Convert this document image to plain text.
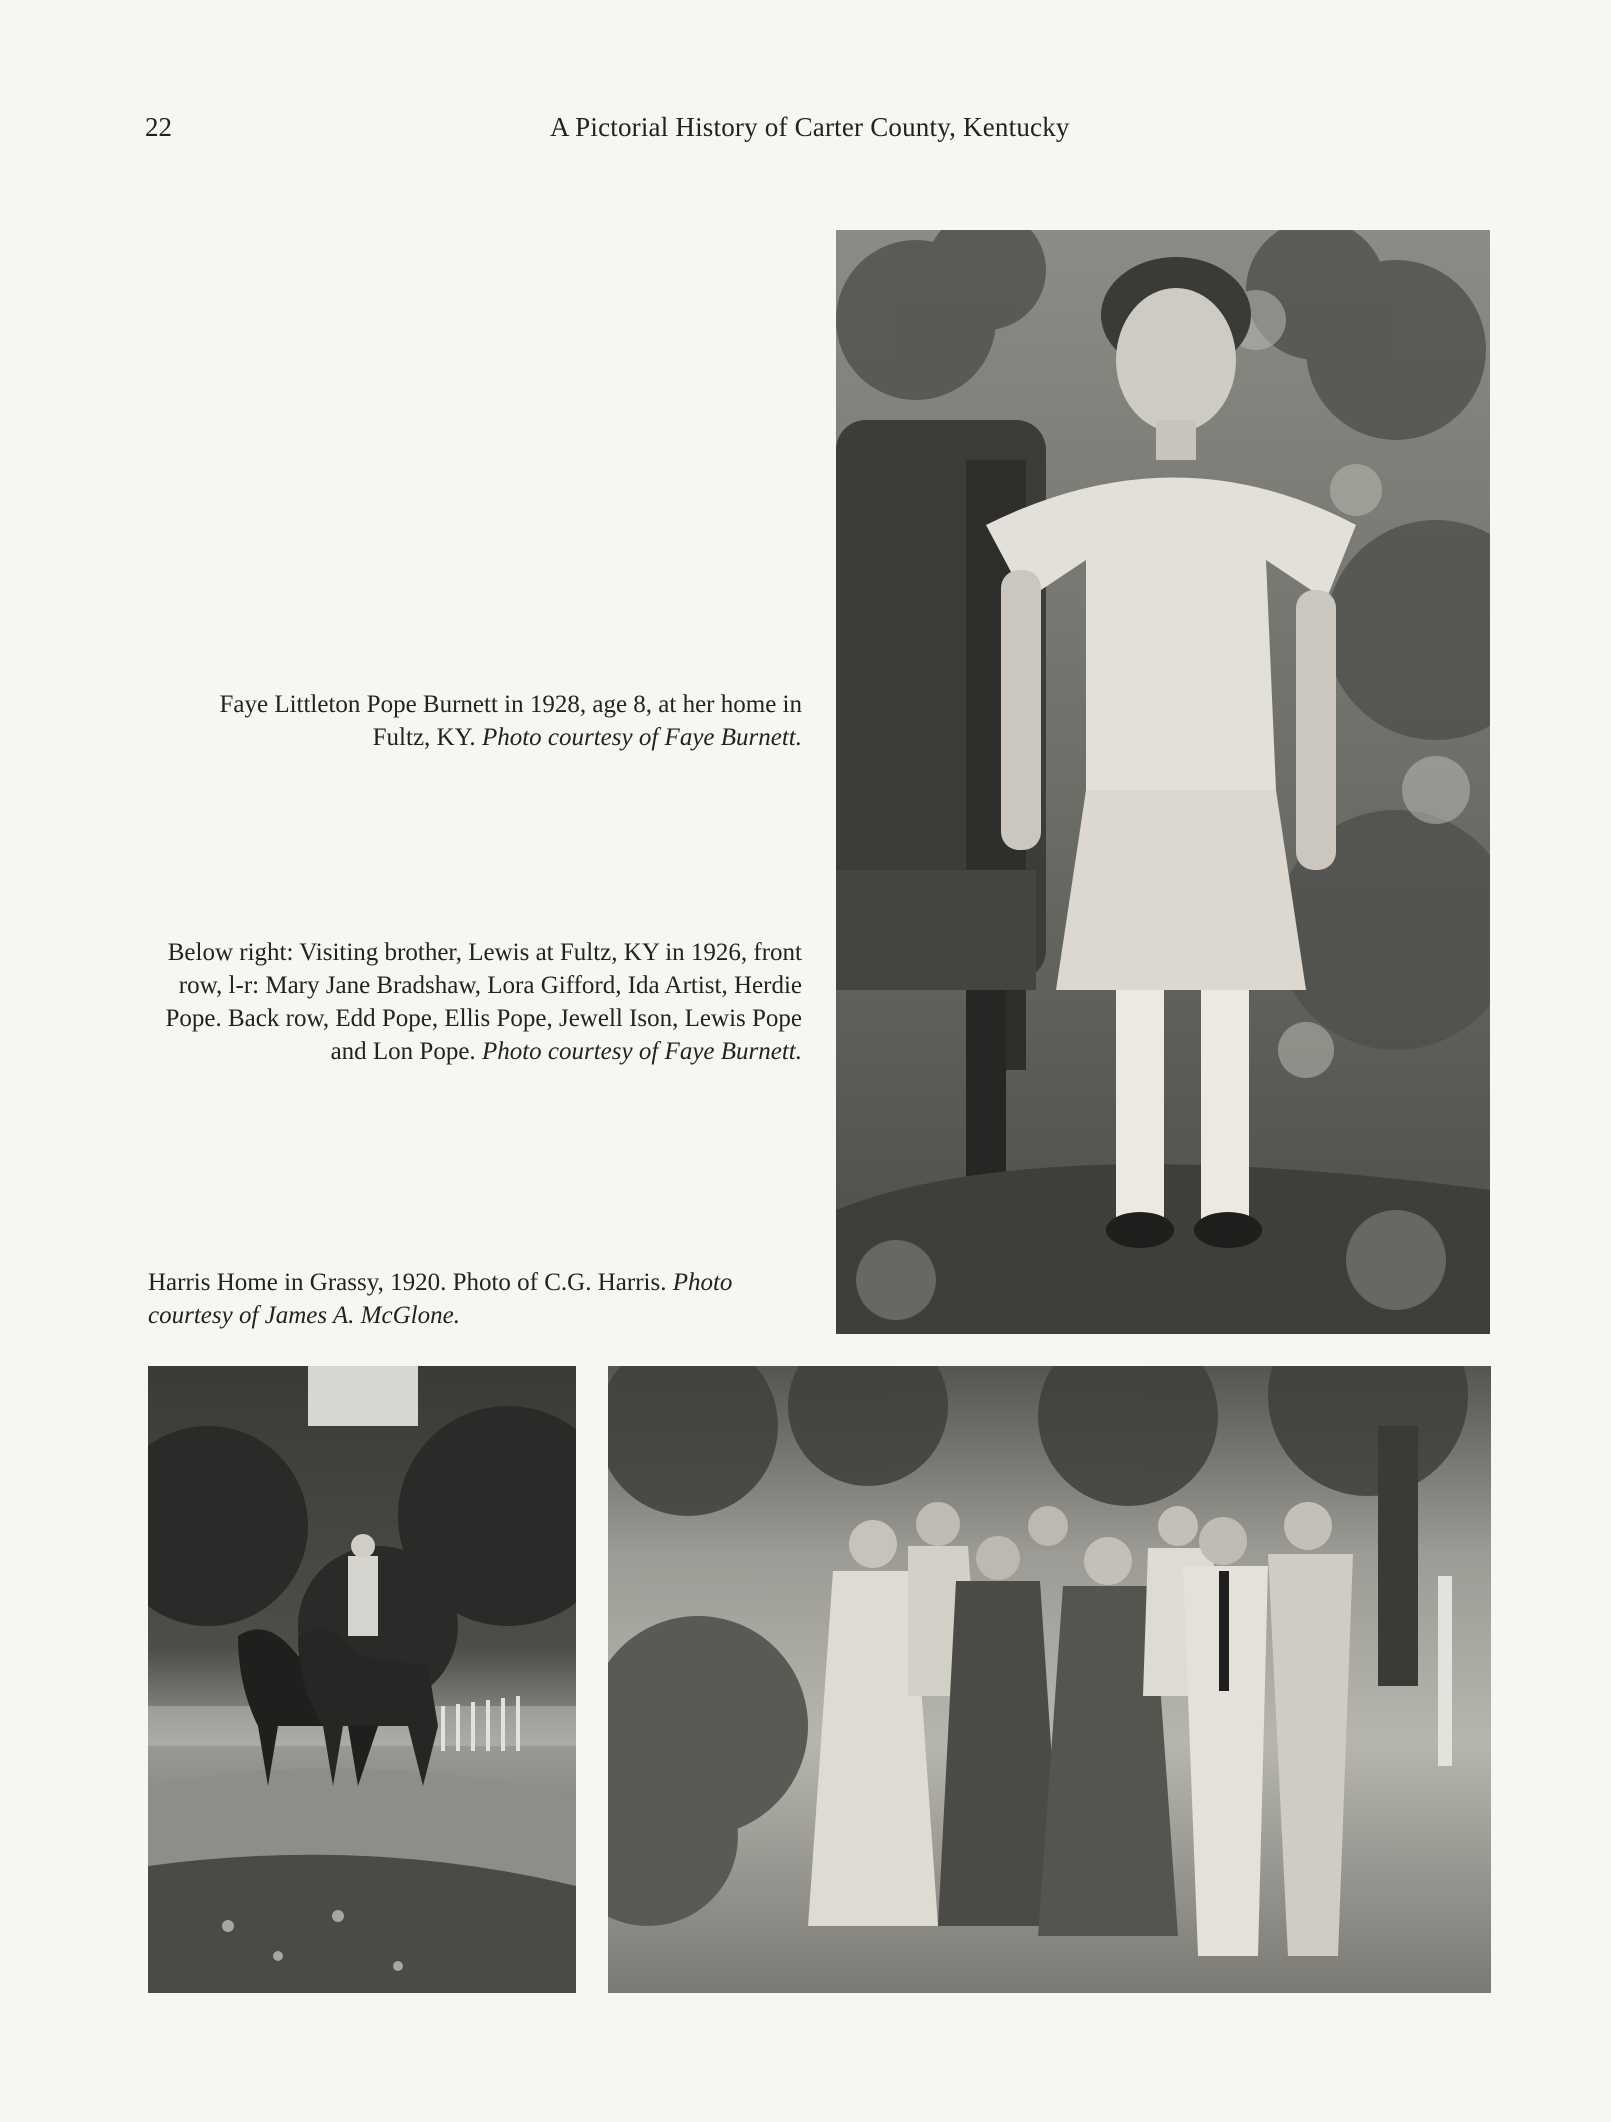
22	A Pictorial History of Carter County, Kentucky
Faye Littleton Pope Burnett in 1928, age 8, at her home in Fultz, KY. Photo courtesy of Faye Burnett.
Below right: Visiting brother, Lewis at Fultz, KY in 1926, front row, l-r: Mary Jane Bradshaw, Lora Gifford, Ida Artist, Herdie Pope. Back row, Edd Pope, Ellis Pope, Jewell Ison, Lewis Pope and Lon Pope. Photo courtesy of Faye Burnett.
Harris Home in Grassy, 1920. Photo of C.G. Harris. Photo courtesy of James A. McGlone.
